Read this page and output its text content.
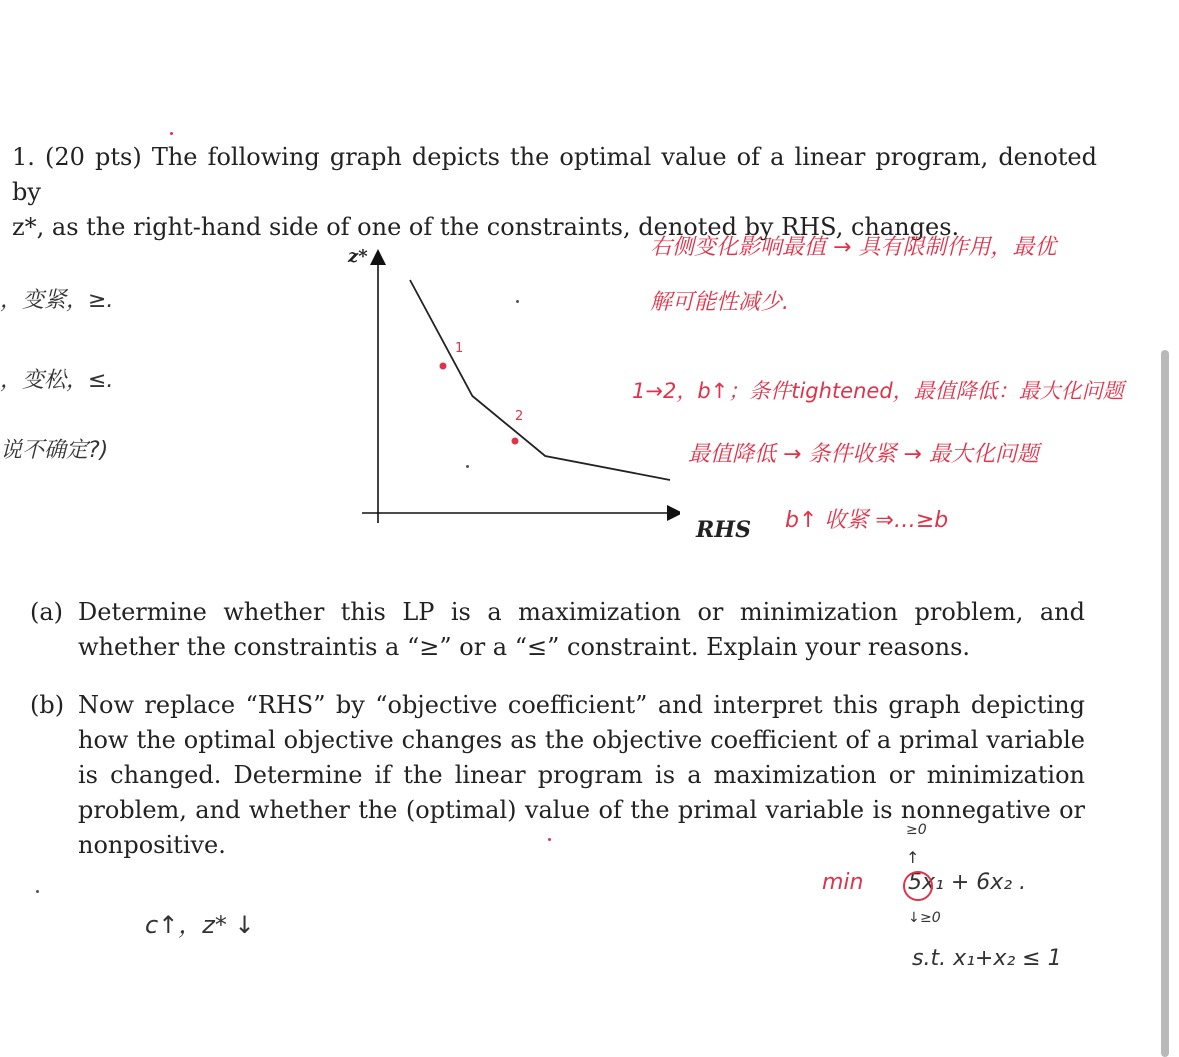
1. (20 pts) The following graph depicts the optimal value of a linear program, denoted by

z*, as the right-hand side of one of the constraints, denoted by RHS, changes.

1
2
z*
RHS
右侧变化影响最值 → 具有限制作用，最优
解可能性减少.
1→2，b↑；条件tightened，最值降低：最大化问题
最值降低 → 条件收紧 → 最大化问题
b↑ 收紧 ⇒…≥b
，变紧，≥.
，变松，≤.
说不确定?)
(a) Determine whether this LP is a maximization or minimization problem, and whether the constraintis a “≥” or a “≤” constraint. Explain your reasons.
(b) Now replace “RHS” by “objective coefficient” and interpret this graph depicting how the optimal objective changes as the objective coefficient of a primal variable is changed. Determine if the linear program is a maximization or minimization problem, and whether the (optimal) value of the primal variable is nonnegative or nonpositive.
c↑，z* ↓
min
≥0
↑
5x₁ + 6x₂ .
↓ ≥0
s.t. x₁+x₂ ≤ 1
